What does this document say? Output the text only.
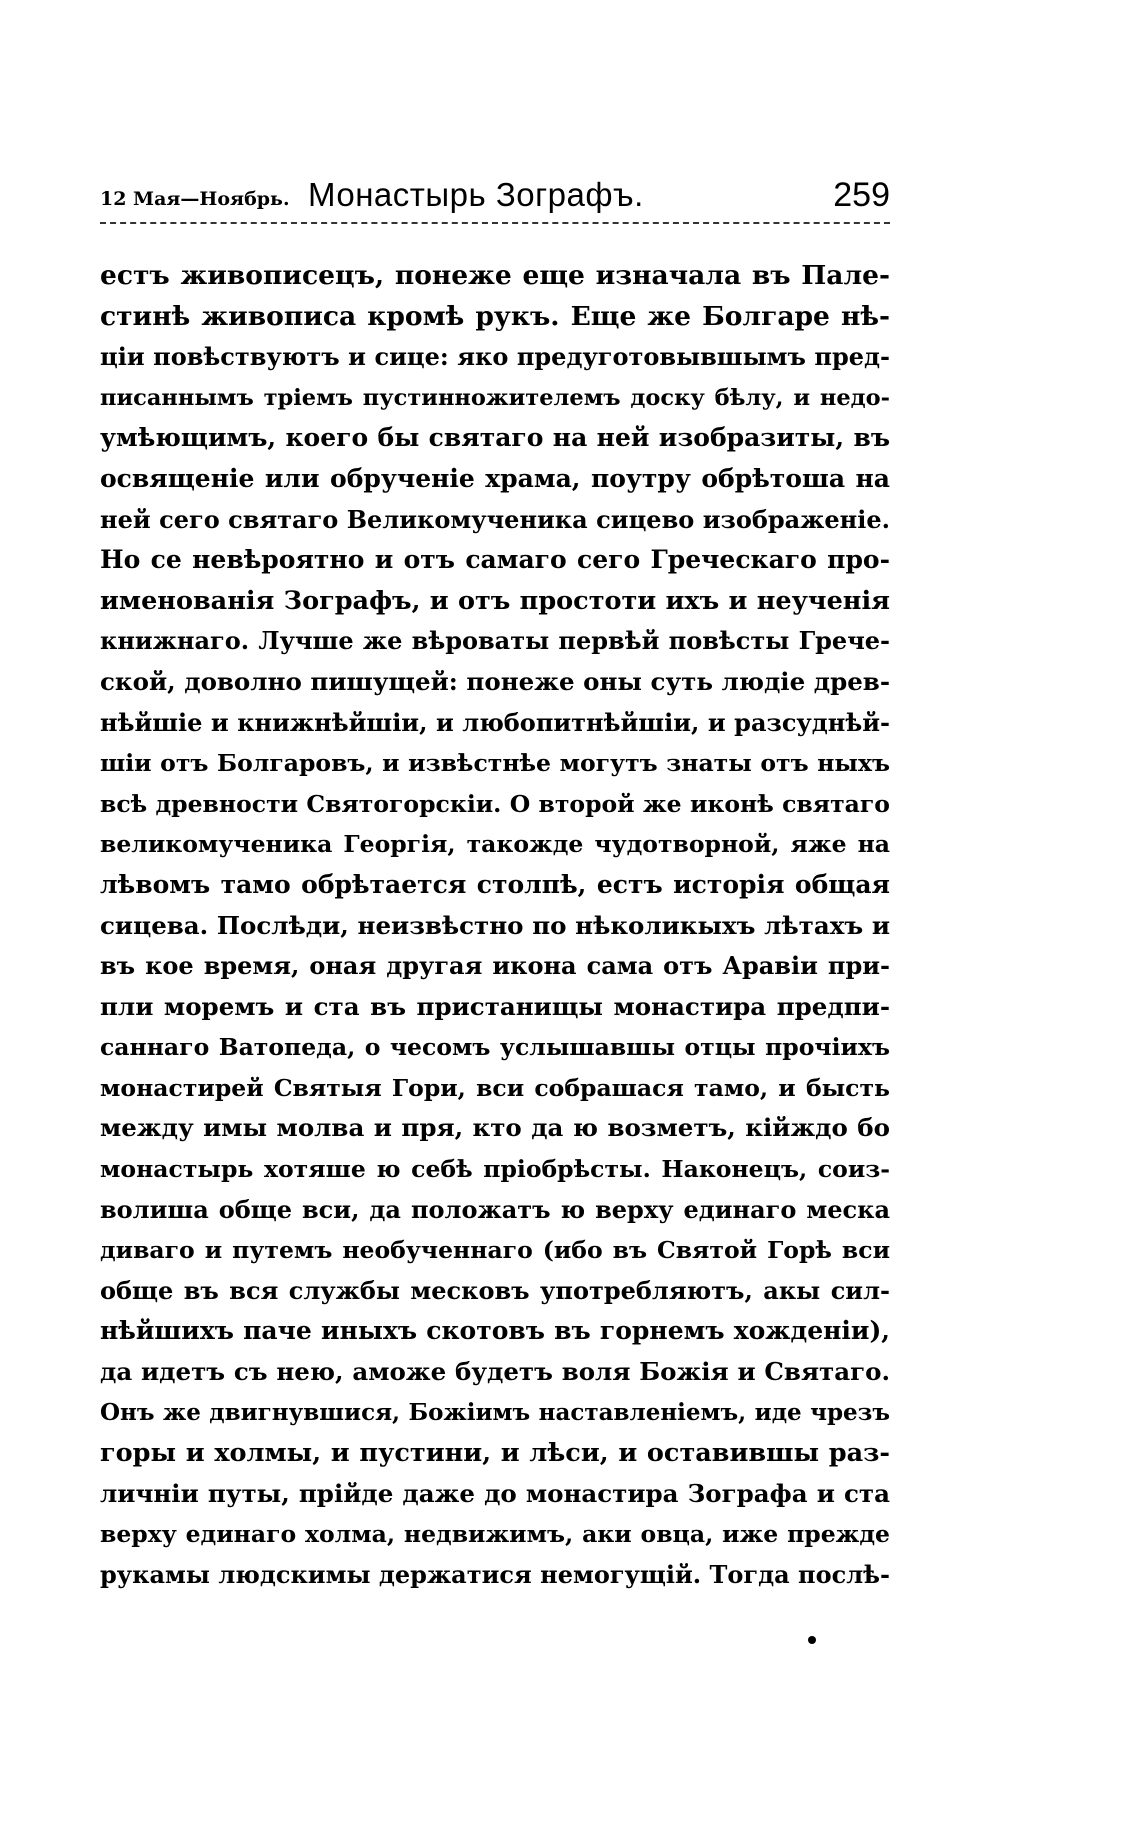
12 Мая—Ноябрь. Монастырь Зографъ.	259
естъ живописецъ, понеже еще изначала въ Пале-
стинѣ живописа кромѣ рукъ. Еще же Болгаре нѣ-
ціи повѣствуютъ и сице: яко предуготовывшымъ пред-
писаннымъ тріемъ пустинножителемъ доску бѣлу, и недо-
умѣющимъ, коего бы святаго на ней изобразиты, въ
освященіе или обрученіе храма, поутру обрѣтоша на
ней сего святаго Великомученика сицево изображеніе.
Но се невѣроятно и отъ самаго сего Греческаго про-
именованія Зографъ, и отъ простоти ихъ и неученія
книжнаго. Лучше же вѣроваты первѣй повѣсты Грече-
ской, доволно пишущей: понеже оны суть людіе древ-
нѣйшіе и книжнѣйшіи, и любопитнѣйшіи, и разсуднѣй-
шіи отъ Болгаровъ, и извѣстнѣе могутъ знаты отъ ныхъ
всѣ древности Святогорскіи. О второй же иконѣ святаго
великомученика Георгія, такожде чудотворной, яже на
лѣвомъ тамо обрѣтается столпѣ, естъ исторія общая
сицева. Послѣди, неизвѣстно по нѣколикыхъ лѣтахъ и
въ кое время, оная другая икона сама отъ Аравіи при-
пли моремъ и ста въ пристанищы монастира предпи-
саннаго Ватопеда, о чесомъ услышавшы отцы прочіихъ
монастирей Святыя Гори, вси собрашася тамо, и бысть
между имы молва и пря, кто да ю возметъ, кійждо бо
монастырь хотяше ю себѣ пріобрѣсты. Наконецъ, соиз-
волиша обще вси, да положатъ ю верху единаго меска
диваго и путемъ необученнаго (ибо въ Святой Горѣ вси
обще въ вся службы месковъ употребляютъ, акы сил-
нѣйшихъ паче иныхъ скотовъ въ горнемъ хожденіи),
да идетъ съ нею, аможе будетъ воля Божія и Святаго.
Онъ же двигнувшися, Божіимъ наставленіемъ, иде чрезъ
горы и холмы, и пустини, и лѣси, и оставившы раз-
личніи путы, прійде даже до монастира Зографа и ста
верху единаго холма, недвижимъ, аки овца, иже прежде
рукамы людскимы держатися немогущій. Тогда послѣ-
